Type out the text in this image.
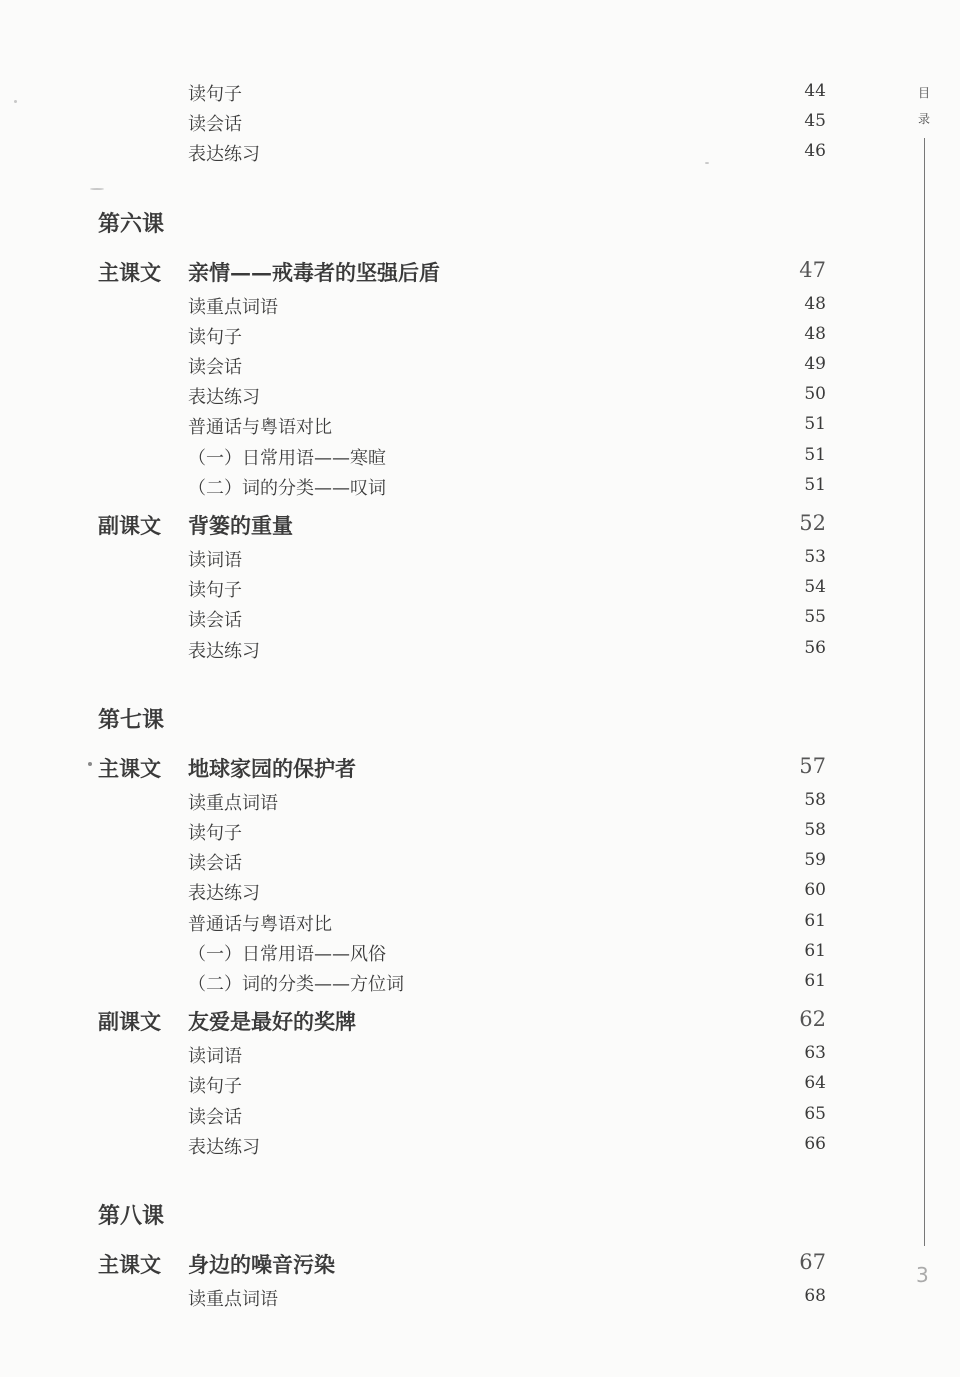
读句子	44
读会话	45
表达练习	46
第六课
主课文 亲情——戒毒者的坚强后盾	47
读重点词语	48
读句子	48
读会话	49
表达练习	50
普通话与粤语对比	51
（一）日常用语——寒暄	51
（二）词的分类——叹词	51
副课文 背篓的重量	52
读词语	53
读句子	54
读会话	55
表达练习	56
第七课
主课文 地球家园的保护者	57
读重点词语	58
读句子	58
读会话	59
表达练习	60
普通话与粤语对比	61
（一）日常用语——风俗	61
（二）词的分类——方位词	61
副课文 友爱是最好的奖牌	62
读词语	63
读句子	64
读会话	65
表达练习	66
第八课
主课文 身边的噪音污染	67
读重点词语	68
目录
3
